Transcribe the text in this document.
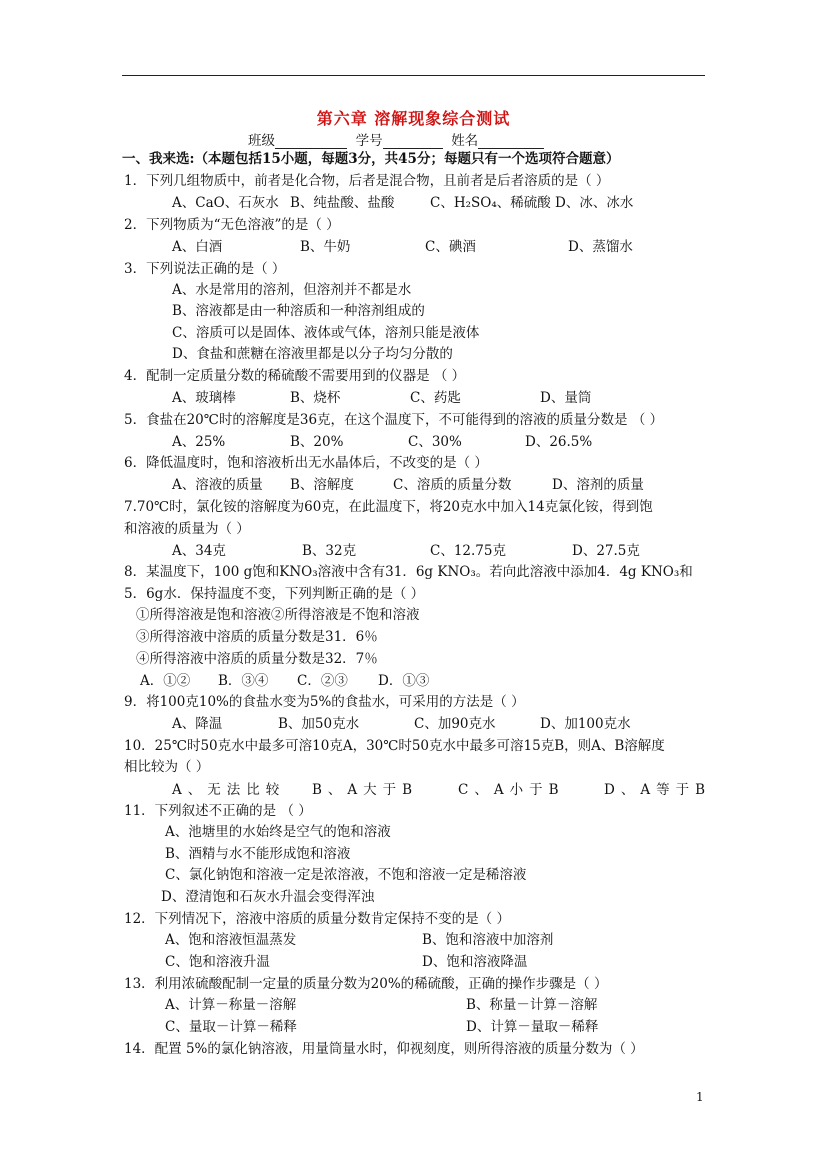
第六章 溶解现象综合测试
班级	学号	姓名
一、我来选:（本题包括15小题，每题3分，共45分；每题只有一个选项符合题意）
1．下列几组物质中，前者是化合物，后者是混合物，且前者是后者溶质的是（ ）
A、CaO、石灰水 B、纯盐酸、盐酸	C、H₂SO₄、稀硫酸 D、冰、冰水
2．下列物质为“无色溶液”的是（ ）
A、白酒	B、牛奶	C、碘酒	D、蒸馏水
3．下列说法正确的是（ ）
A、水是常用的溶剂，但溶剂并不都是水
B、溶液都是由一种溶质和一种溶剂组成的
C、溶质可以是固体、液体或气体，溶剂只能是液体
D、食盐和蔗糖在溶液里都是以分子均匀分散的
4．配制一定质量分数的稀硫酸不需要用到的仪器是 （ ）
A、玻璃棒	B、烧杯	C、药匙	D、量筒
5．食盐在20℃时的溶解度是36克，在这个温度下，不可能得到的溶液的质量分数是 （ ）
A、25%	B、20%	C、30%	D、26.5%
6．降低温度时，饱和溶液析出无水晶体后，不改变的是（ ）
A、溶液的质量 B、溶解度	C、溶质的质量分数	D、溶剂的质量
7.70℃时，氯化铵的溶解度为60克，在此温度下，将20克水中加入14克氯化铵，得到饱
和溶液的质量为（ ）
A、34克	B、32克	C、12.75克	D、27.5克
8．某温度下，100 g饱和KNO₃溶液中含有31．6g KNO₃。若向此溶液中添加4．4g KNO₃和
5．6g水．保持温度不变，下列判断正确的是（ ）
①所得溶液是饱和溶液②所得溶液是不饱和溶液
③所得溶液中溶质的质量分数是31．6％
④所得溶液中溶质的质量分数是32．7％
A．①② B．③④ C．②③ D．①③
9．将100克10%的食盐水变为5%的食盐水，可采用的方法是（ ）
A、降温	B、加50克水	C、加90克水	D、加100克水
10．25℃时50克水中最多可溶10克A，30℃时50克水中最多可溶15克B，则A、B溶解度
相比较为（ ）
A、无法比较 B、A大于B	C、A小于B	D、A等于B
11．下列叙述不正确的是 （ ）
A、池塘里的水始终是空气的饱和溶液
B、酒精与水不能形成饱和溶液
C、氯化钠饱和溶液一定是浓溶液，不饱和溶液一定是稀溶液
D、澄清饱和石灰水升温会变得浑浊
12．下列情况下，溶液中溶质的质量分数肯定保持不变的是（ ）
A、饱和溶液恒温蒸发	B、饱和溶液中加溶剂
C、饱和溶液升温	D、饱和溶液降温
13．利用浓硫酸配制一定量的质量分数为20%的稀硫酸，正确的操作步骤是（ ）
A、计算－称量－溶解	B、称量－计算－溶解
C、量取－计算－稀释	D、计算－量取－稀释
14．配置 5%的氯化钠溶液，用量筒量水时，仰视刻度，则所得溶液的质量分数为（ ）
1
